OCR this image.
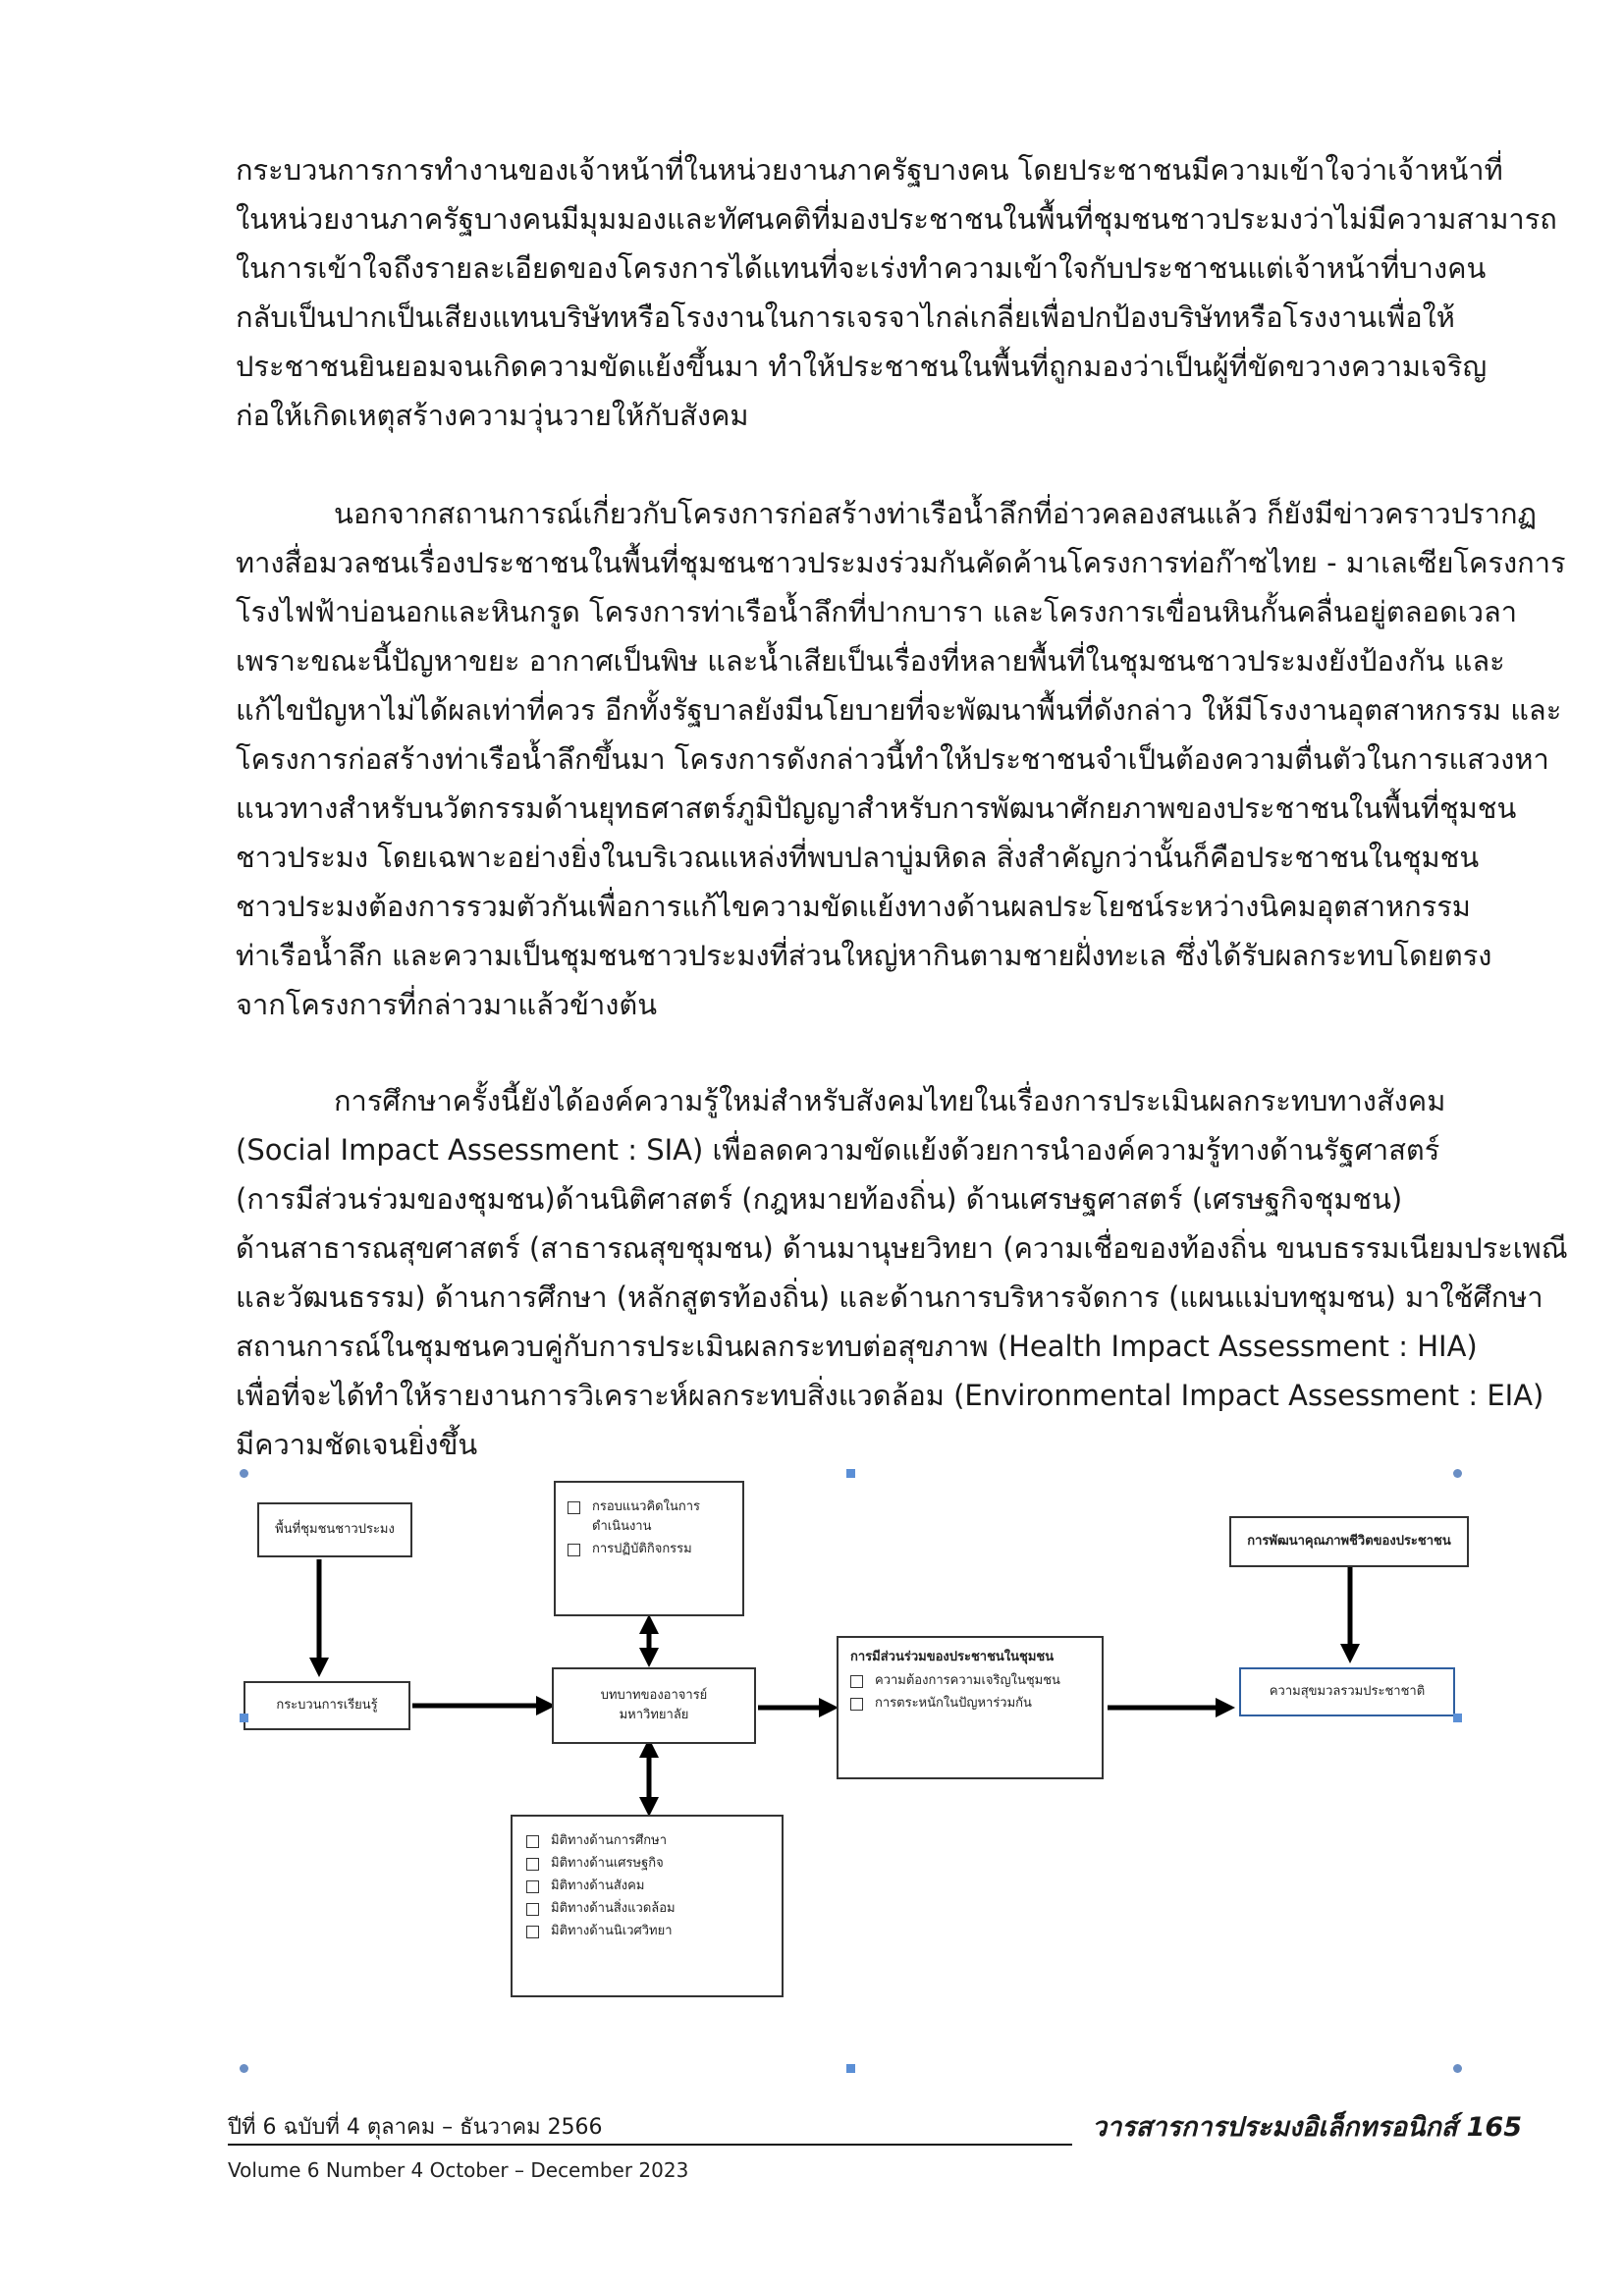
กระบวนการการทำงานของเจ้าหน้าที่ในหน่วยงานภาครัฐบางคน โดยประชาชนมีความเข้าใจว่าเจ้าหน้าที่
ในหน่วยงานภาครัฐบางคนมีมุมมองและทัศนคติที่มองประชาชนในพื้นที่ชุมชนชาวประมงว่าไม่มีความสามารถ
ในการเข้าใจถึงรายละเอียดของโครงการได้แทนที่จะเร่งทำความเข้าใจกับประชาชนแต่เจ้าหน้าที่บางคน
กลับเป็นปากเป็นเสียงแทนบริษัทหรือโรงงานในการเจรจาไกล่เกลี่ยเพื่อปกป้องบริษัทหรือโรงงานเพื่อให้
ประชาชนยินยอมจนเกิดความขัดแย้งขึ้นมา ทำให้ประชาชนในพื้นที่ถูกมองว่าเป็นผู้ที่ขัดขวางความเจริญ
ก่อให้เกิดเหตุสร้างความวุ่นวายให้กับสังคม
นอกจากสถานการณ์เกี่ยวกับโครงการก่อสร้างท่าเรือน้ำลึกที่อ่าวคลองสนแล้ว ก็ยังมีข่าวคราวปรากฏ
ทางสื่อมวลชนเรื่องประชาชนในพื้นที่ชุมชนชาวประมงร่วมกันคัดค้านโครงการท่อก๊าซไทย - มาเลเซียโครงการ
โรงไฟฟ้าบ่อนอกและหินกรูด โครงการท่าเรือน้ำลึกที่ปากบารา และโครงการเขื่อนหินกั้นคลื่นอยู่ตลอดเวลา
เพราะขณะนี้ปัญหาขยะ อากาศเป็นพิษ และน้ำเสียเป็นเรื่องที่หลายพื้นที่ในชุมชนชาวประมงยังป้องกัน และ
แก้ไขปัญหาไม่ได้ผลเท่าที่ควร อีกทั้งรัฐบาลยังมีนโยบายที่จะพัฒนาพื้นที่ดังกล่าว ให้มีโรงงานอุตสาหกรรม และ
โครงการก่อสร้างท่าเรือน้ำลึกขึ้นมา โครงการดังกล่าวนี้ทำให้ประชาชนจำเป็นต้องความตื่นตัวในการแสวงหา
แนวทางสำหรับนวัตกรรมด้านยุทธศาสตร์ภูมิปัญญาสำหรับการพัฒนาศักยภาพของประชาชนในพื้นที่ชุมชน
ชาวประมง โดยเฉพาะอย่างยิ่งในบริเวณแหล่งที่พบปลาบู่มหิดล สิ่งสำคัญกว่านั้นก็คือประชาชนในชุมชน
ชาวประมงต้องการรวมตัวกันเพื่อการแก้ไขความขัดแย้งทางด้านผลประโยชน์ระหว่างนิคมอุตสาหกรรม
ท่าเรือน้ำลึก และความเป็นชุมชนชาวประมงที่ส่วนใหญ่หากินตามชายฝั่งทะเล ซึ่งได้รับผลกระทบโดยตรง
จากโครงการที่กล่าวมาแล้วข้างต้น
การศึกษาครั้งนี้ยังได้องค์ความรู้ใหม่สำหรับสังคมไทยในเรื่องการประเมินผลกระทบทางสังคม
(Social Impact Assessment : SIA) เพื่อลดความขัดแย้งด้วยการนำองค์ความรู้ทางด้านรัฐศาสตร์
(การมีส่วนร่วมของชุมชน)ด้านนิติศาสตร์ (กฎหมายท้องถิ่น) ด้านเศรษฐศาสตร์ (เศรษฐกิจชุมชน)
ด้านสาธารณสุขศาสตร์ (สาธารณสุขชุมชน) ด้านมานุษยวิทยา (ความเชื่อของท้องถิ่น ขนบธรรมเนียมประเพณี
และวัฒนธรรม) ด้านการศึกษา (หลักสูตรท้องถิ่น) และด้านการบริหารจัดการ (แผนแม่บทชุมชน) มาใช้ศึกษา
สถานการณ์ในชุมชนควบคู่กับการประเมินผลกระทบต่อสุขภาพ (Health Impact Assessment : HIA)
เพื่อที่จะได้ทำให้รายงานการวิเคราะห์ผลกระทบสิ่งแวดล้อม (Environmental Impact Assessment : EIA)
มีความชัดเจนยิ่งขึ้น
พื้นที่ชุมชนชาวประมง
กระบวนการเรียนรู้
กรอบแนวคิดในการดำเนินงาน
การปฏิบัติกิจกรรม
บทบาทของอาจารย์
มหาวิทยาลัย
มิติทางด้านการศึกษา
มิติทางด้านเศรษฐกิจ
มิติทางด้านสังคม
มิติทางด้านสิ่งแวดล้อม
มิติทางด้านนิเวศวิทยา
การมีส่วนร่วมของประชาชนในชุมชน
ความต้องการความเจริญในชุมชน
การตระหนักในปัญหาร่วมกัน
การพัฒนาคุณภาพชีวิตของประชาชน
ความสุขมวลรวมประชาชาติ
ปีที่ 6 ฉบับที่ 4 ตุลาคม – ธันวาคม 2566
Volume 6 Number 4 October – December 2023
วารสารการประมงอิเล็กทรอนิกส์ 165
